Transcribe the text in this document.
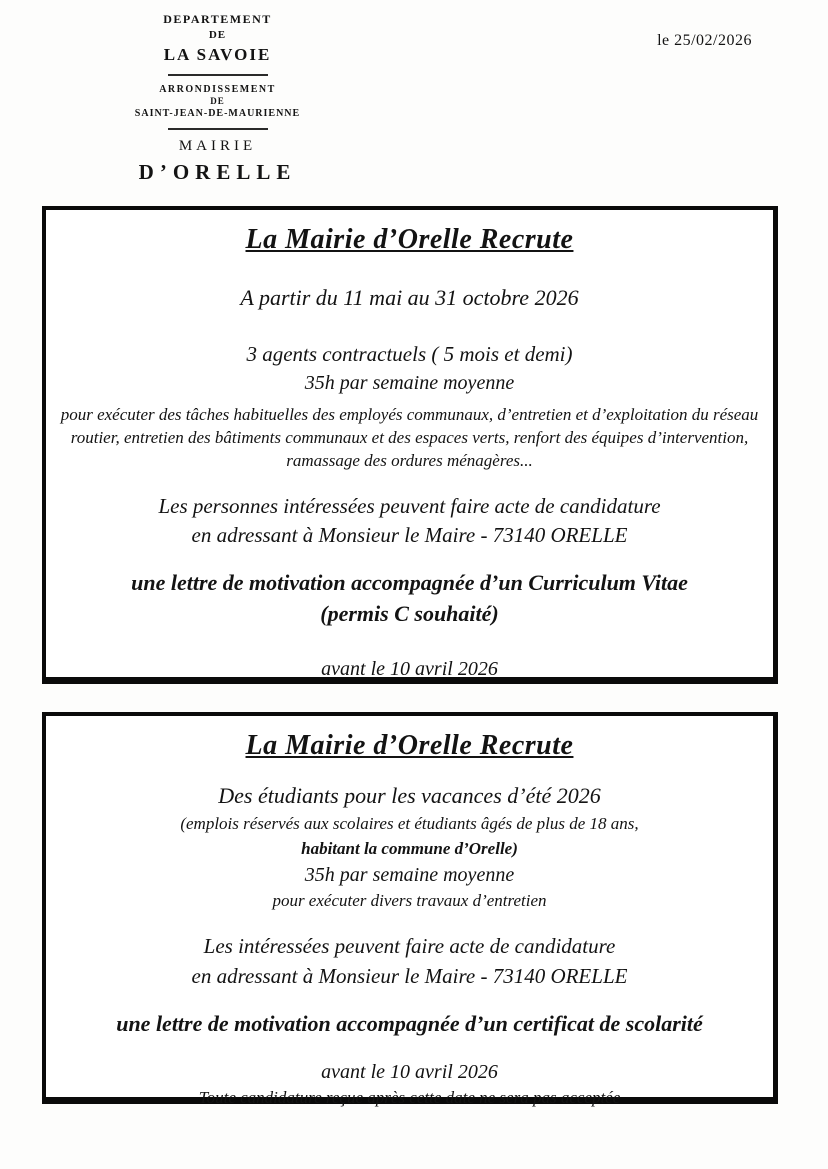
DEPARTEMENT
DE
LA SAVOIE
ARRONDISSEMENT
DE
SAINT-JEAN-DE-MAURIENNE
MAIRIE
D’ORELLE
le 25/02/2026
La Mairie d’Orelle Recrute

A partir du 11 mai au 31 octobre 2026

3 agents contractuels ( 5 mois et demi)

35h par semaine moyenne

pour exécuter des tâches habituelles des employés communaux, d’entretien et d’exploitation du réseau routier, entretien des bâtiments communaux et des espaces verts, renfort des équipes d’intervention, ramassage des ordures ménagères...

Les personnes intéressées peuvent faire acte de candidature

en adressant à Monsieur le Maire - 73140 ORELLE

une lettre de motivation accompagnée d’un Curriculum Vitae

(permis C souhaité)

avant le 10 avril 2026

La Mairie d’Orelle Recrute

Des étudiants pour les vacances d’été 2026

(emplois réservés aux scolaires et étudiants âgés de plus de 18 ans,

habitant la commune d’Orelle)

35h par semaine moyenne

pour exécuter divers travaux d’entretien

Les intéressées peuvent faire acte de candidature

en adressant à Monsieur le Maire - 73140 ORELLE

une lettre de motivation accompagnée d’un certificat de scolarité

avant le 10 avril 2026

Toute candidature reçue après cette date ne sera pas acceptée
